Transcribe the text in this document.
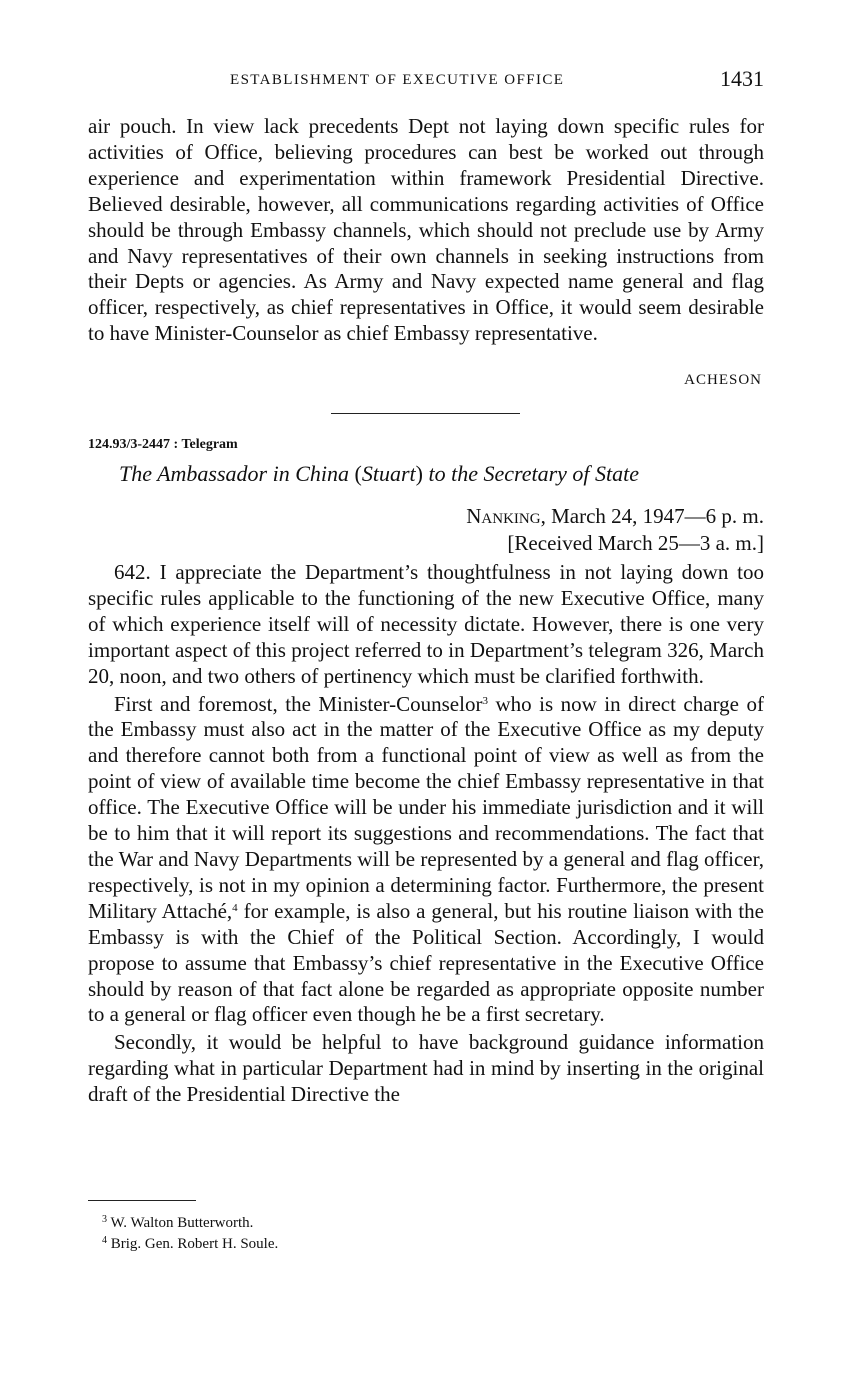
ESTABLISHMENT OF EXECUTIVE OFFICE	1431
air pouch. In view lack precedents Dept not laying down specific rules for activities of Office, believing procedures can best be worked out through experience and experimentation within framework Presidential Directive. Believed desirable, however, all communications regarding activities of Office should be through Embassy channels, which should not preclude use by Army and Navy representatives of their own channels in seeking instructions from their Depts or agencies. As Army and Navy expected name general and flag officer, respectively, as chief representatives in Office, it would seem desirable to have Minister-Counselor as chief Embassy representative.
ACHESON
124.93/3-2447 : Telegram
The Ambassador in China (Stuart) to the Secretary of State
Nanking, March 24, 1947—6 p. m.
[Received March 25—3 a. m.]

642. I appreciate the Department’s thoughtfulness in not laying down too specific rules applicable to the functioning of the new Executive Office, many of which experience itself will of necessity dictate. However, there is one very important aspect of this project referred to in Department’s telegram 326, March 20, noon, and two others of pertinency which must be clarified forthwith.

First and foremost, the Minister-Counselor$^3$ who is now in direct charge of the Embassy must also act in the matter of the Executive Office as my deputy and therefore cannot both from a functional point of view as well as from the point of view of available time become the chief Embassy representative in that office. The Executive Office will be under his immediate jurisdiction and it will be to him that it will report its suggestions and recommendations. The fact that the War and Navy Departments will be represented by a general and flag officer, respectively, is not in my opinion a determining factor. Furthermore, the present Military Attaché,$^4$ for example, is also a general, but his routine liaison with the Embassy is with the Chief of the Political Section. Accordingly, I would propose to assume that Embassy’s chief representative in the Executive Office should by reason of that fact alone be regarded as appropriate opposite number to a general or flag officer even though he be a first secretary.

Secondly, it would be helpful to have background guidance information regarding what in particular Department had in mind by inserting in the original draft of the Presidential Directive the

$^3$ W. Walton Butterworth.
$^4$ Brig. Gen. Robert H. Soule.
